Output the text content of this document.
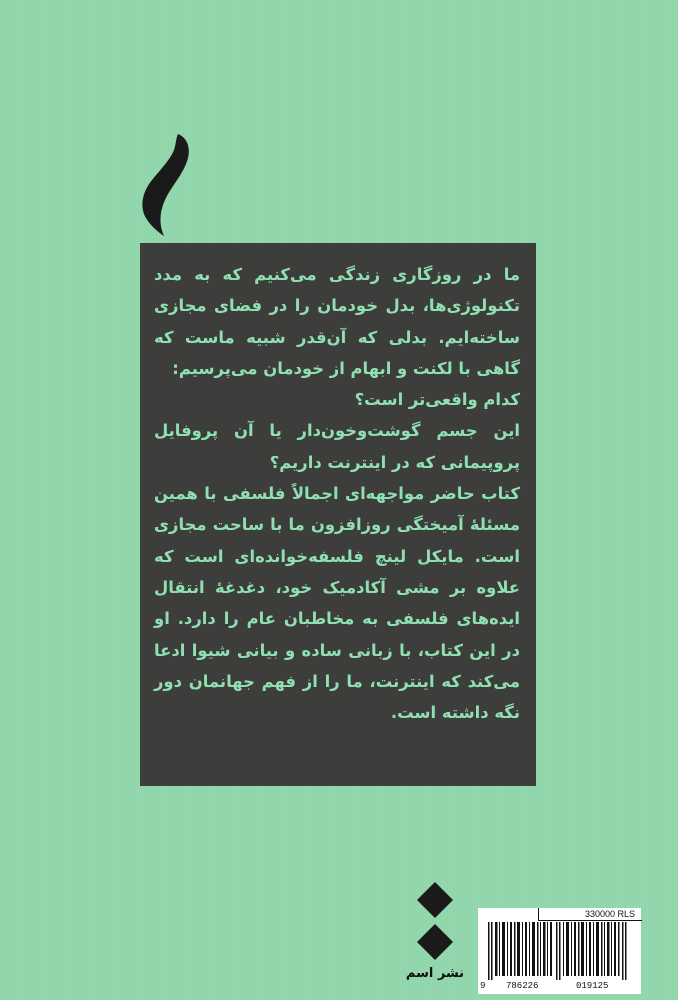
ما در روزگاری زندگی می‌کنیم که به مدد تکنولوژی‌ها، بدل خودمان را در فضای مجازی ساخته‌ایم. بدلی که آن‌قدر شبیه ماست که گاهی با لکنت و ابهام از خودمان می‌پرسیم:

کدام واقعی‌تر است؟

این جسم گوشت‌وخون‌دار یا آن پروفایل پروپیمانی که در اینترنت داریم؟

کتاب حاضر مواجهه‌ای اجمالاً فلسفی با همین مسئلهٔ آمیختگی روزافزون ما با ساحت مجازی است. مایکل لینچ فلسفه‌خوانده‌ای است که علاوه بر مشی آکادمیک خود، دغدغهٔ انتقال ایده‌های فلسفی به مخاطبان عام را دارد. او در این کتاب، با زبانی ساده و بیانی شیوا ادعا می‌کند که اینترنت، ما را از فهم جهانمان دور نگه داشته است.

نشر اسم
330000 RLS
9 786226	019125
